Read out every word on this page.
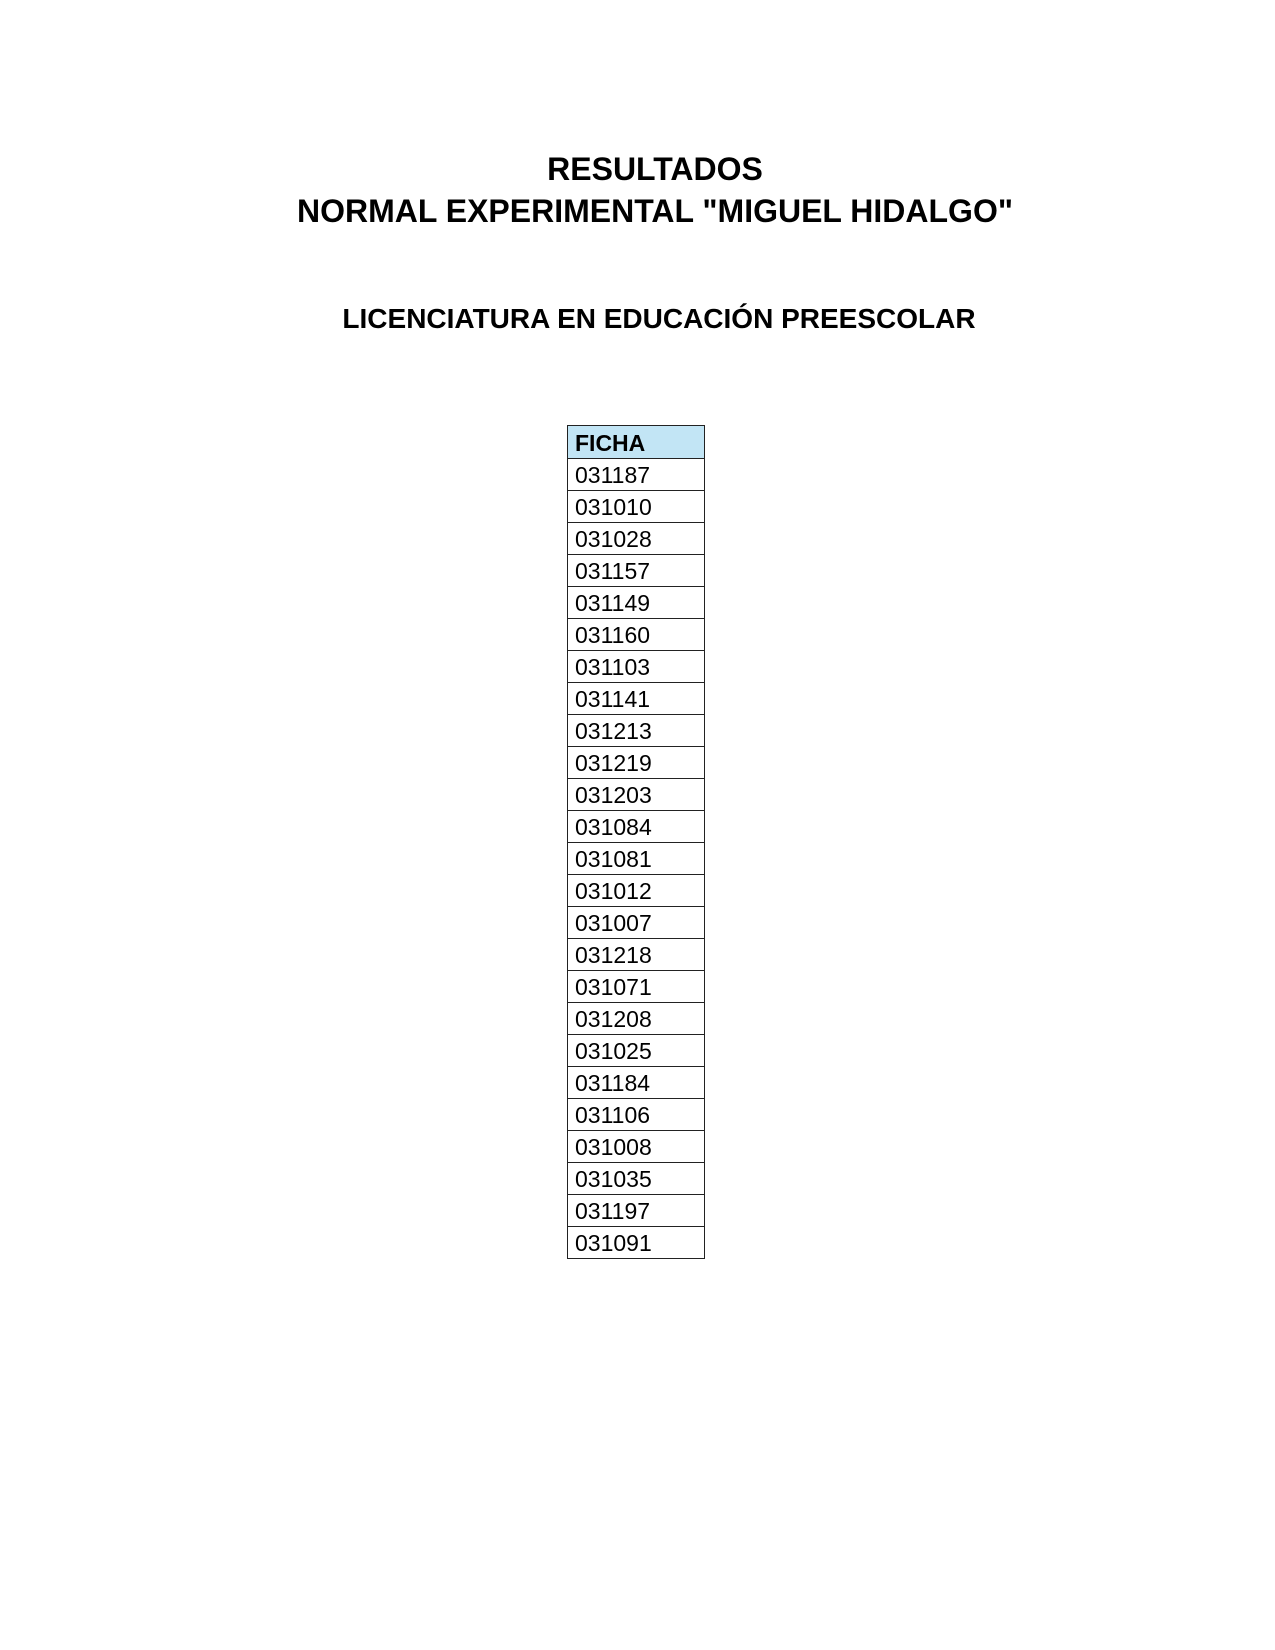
RESULTADOS
NORMAL EXPERIMENTAL "MIGUEL HIDALGO"
LICENCIATURA EN EDUCACIÓN PREESCOLAR
FICHA
031187
031010
031028
031157
031149
031160
031103
031141
031213
031219
031203
031084
031081
031012
031007
031218
031071
031208
031025
031184
031106
031008
031035
031197
031091
